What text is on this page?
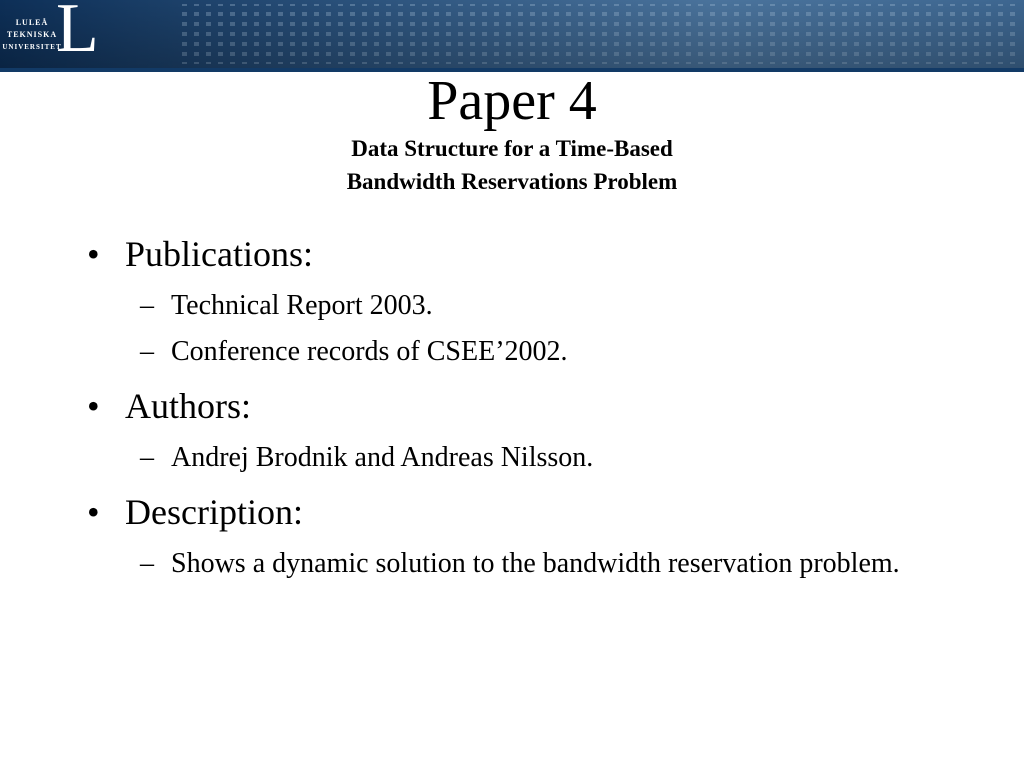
L
LULEÅ
TEKNISKA
UNIVERSITET
Paper 4
Data Structure for a Time-Based
Bandwidth Reservations Problem
• Publications:
– Technical Report 2003.
– Conference records of CSEE’2002.
• Authors:
– Andrej Brodnik and Andreas Nilsson.
• Description:
– Shows a dynamic solution to the bandwidth reservation problem.
